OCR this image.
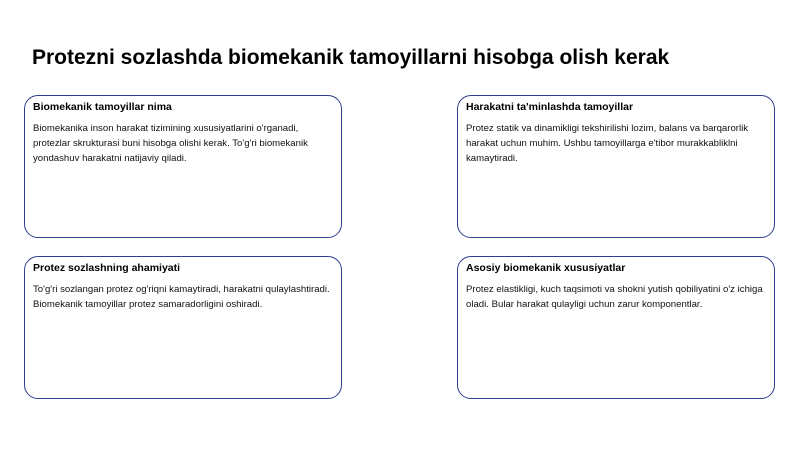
Protezni sozlashda biomekanik tamoyillarni hisobga olish kerak
Biomekanik tamoyillar nima

Biomekanika inson harakat tizimining xususiyatlarini o'rganadi, protezlar skrukturasi buni hisobga olishi kerak. To'g'ri biomekanik yondashuv harakatni natijaviy qiladi.

Harakatni ta'minlashda tamoyillar

Protez statik va dinamikligi tekshirilishi lozim, balans va barqarorlik harakat uchun muhim. Ushbu tamoyillarga e'tibor murakkabliklni kamaytiradi.

Protez sozlashning ahamiyati

To'g'ri sozlangan protez og'riqni kamaytiradi, harakatni qulaylashtiradi. Biomekanik tamoyillar protez samaradorligini oshiradi.

Asosiy biomekanik xususiyatlar

Protez elastikligi, kuch taqsimoti va shokni yutish qobiliyatini o'z ichiga oladi. Bular harakat qulayligi uchun zarur komponentlar.
